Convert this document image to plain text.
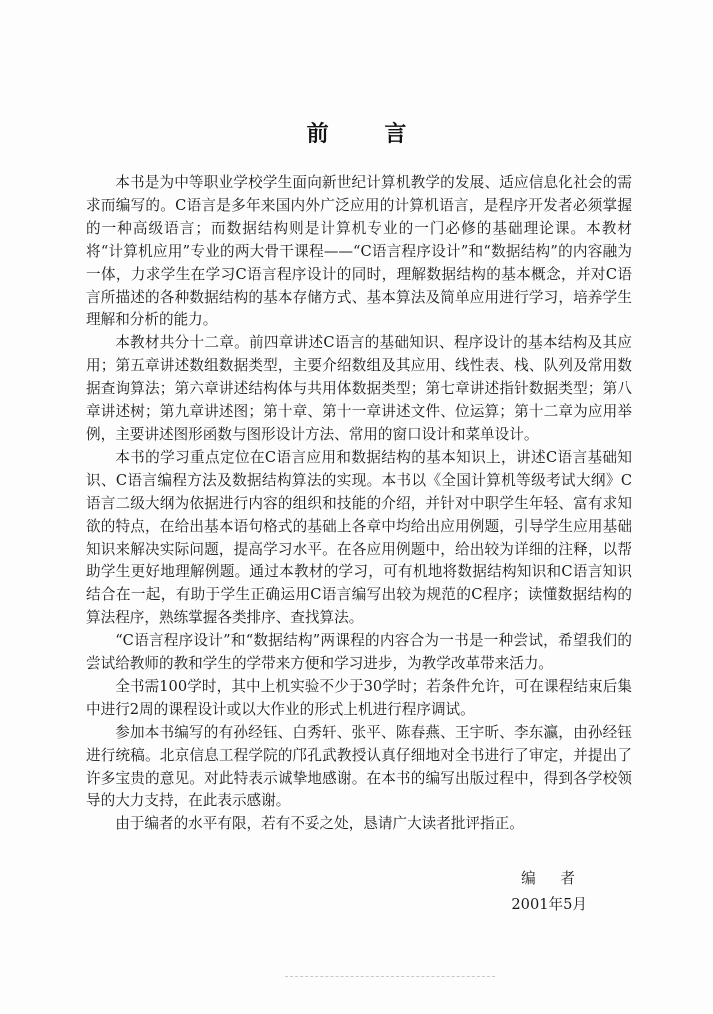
前 言

本书是为中等职业学校学生面向新世纪计算机教学的发展、适应信息化社会的需求而编写的。C语言是多年来国内外广泛应用的计算机语言，是程序开发者必须掌握的一种高级语言；而数据结构则是计算机专业的一门必修的基础理论课。本教材将“计算机应用”专业的两大骨干课程——“C语言程序设计”和“数据结构”的内容融为一体，力求学生在学习C语言程序设计的同时，理解数据结构的基本概念，并对C语言所描述的各种数据结构的基本存储方式、基本算法及简单应用进行学习，培养学生理解和分析的能力。

本教材共分十二章。前四章讲述C语言的基础知识、程序设计的基本结构及其应用；第五章讲述数组数据类型，主要介绍数组及其应用、线性表、栈、队列及常用数据查询算法；第六章讲述结构体与共用体数据类型；第七章讲述指针数据类型；第八章讲述树；第九章讲述图；第十章、第十一章讲述文件、位运算；第十二章为应用举例，主要讲述图形函数与图形设计方法、常用的窗口设计和菜单设计。

本书的学习重点定位在C语言应用和数据结构的基本知识上，讲述C语言基础知识、C语言编程方法及数据结构算法的实现。本书以《全国计算机等级考试大纲》C语言二级大纲为依据进行内容的组织和技能的介绍，并针对中职学生年轻、富有求知欲的特点，在给出基本语句格式的基础上各章中均给出应用例题，引导学生应用基础知识来解决实际问题，提高学习水平。在各应用例题中，给出较为详细的注释，以帮助学生更好地理解例题。通过本教材的学习，可有机地将数据结构知识和C语言知识结合在一起，有助于学生正确运用C语言编写出较为规范的C程序；读懂数据结构的算法程序，熟练掌握各类排序、查找算法。

“C语言程序设计”和“数据结构”两课程的内容合为一书是一种尝试，希望我们的尝试给教师的教和学生的学带来方便和学习进步，为教学改革带来活力。

全书需100学时，其中上机实验不少于30学时；若条件允许，可在课程结束后集中进行2周的课程设计或以大作业的形式上机进行程序调试。

参加本书编写的有孙经钰、白秀轩、张平、陈春燕、王宇昕、李东瀛，由孙经钰进行统稿。北京信息工程学院的邝孔武教授认真仔细地对全书进行了审定，并提出了许多宝贵的意见。对此特表示诚挚地感谢。在本书的编写出版过程中，得到各学校领导的大力支持，在此表示感谢。

由于编者的水平有限，若有不妥之处，恳请广大读者批评指正。

编 者
2001年5月
